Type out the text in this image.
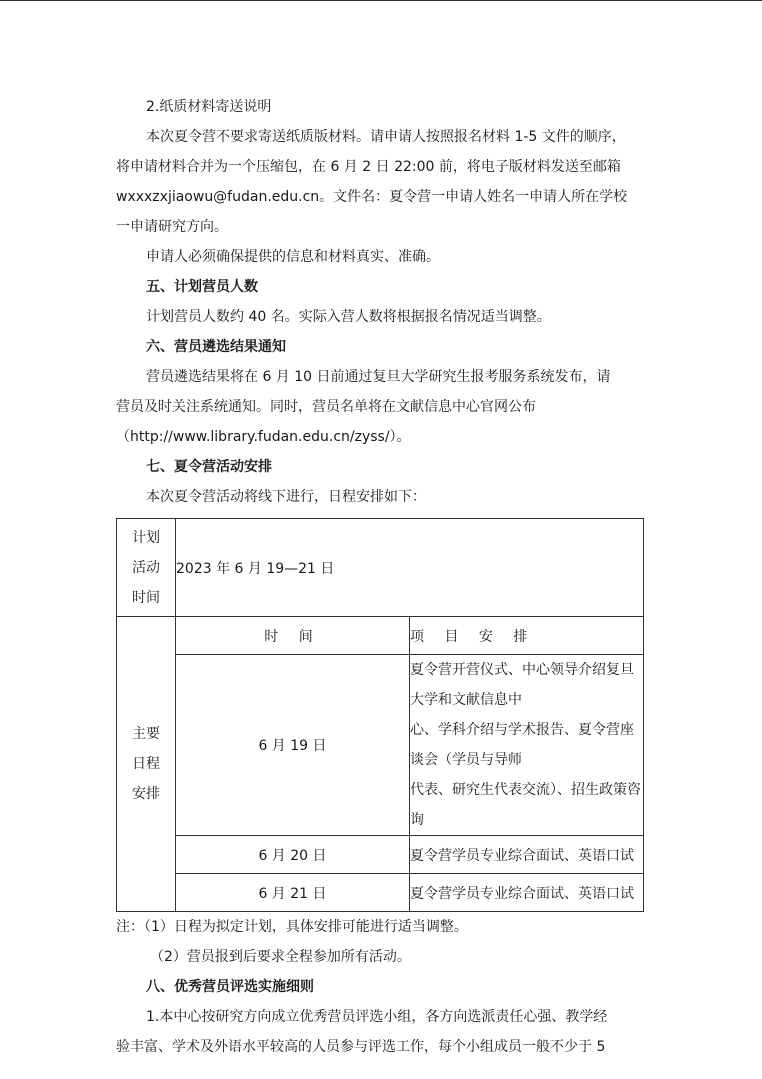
2.纸质材料寄送说明
本次夏令营不要求寄送纸质版材料。请申请人按照报名材料 1-5 文件的顺序，
将申请材料合并为一个压缩包，在 6 月 2 日 22:00 前，将电子版材料发送至邮箱
wxxxzxjiaowu@fudan.edu.cn。文件名：夏令营一申请人姓名一申请人所在学校
一申请研究方向。
申请人必须确保提供的信息和材料真实、准确。
五、计划营员人数
计划营员人数约 40 名。实际入营人数将根据报名情况适当调整。
六、营员遴选结果通知
营员遴选结果将在 6 月 10 日前通过复旦大学研究生报考服务系统发布，请
营员及时关注系统通知。同时，营员名单将在文献信息中心官网公布
（http://www.library.fudan.edu.cn/zyss/）。
七、夏令营活动安排
本次夏令营活动将线下进行，日程安排如下：
计划
活动
时间	2023 年 6 月 19—21 日	

主要
日程
安排	时 间	项 目 安 排
	6 月 19 日	夏令营开营仪式、中心领导介绍复旦大学和文献信息中
心、学科介绍与学术报告、夏令营座谈会（学员与导师
代表、研究生代表交流）、招生政策咨询

	6 月 20 日	夏令营学员专业综合面试、英语口试
	6 月 21 日	夏令营学员专业综合面试、英语口试
注：（1）日程为拟定计划，具体安排可能进行适当调整。
（2）营员报到后要求全程参加所有活动。
八、优秀营员评选实施细则
1.本中心按研究方向成立优秀营员评选小组，各方向选派责任心强、教学经
验丰富、学术及外语水平较高的人员参与评选工作，每个小组成员一般不少于 5
